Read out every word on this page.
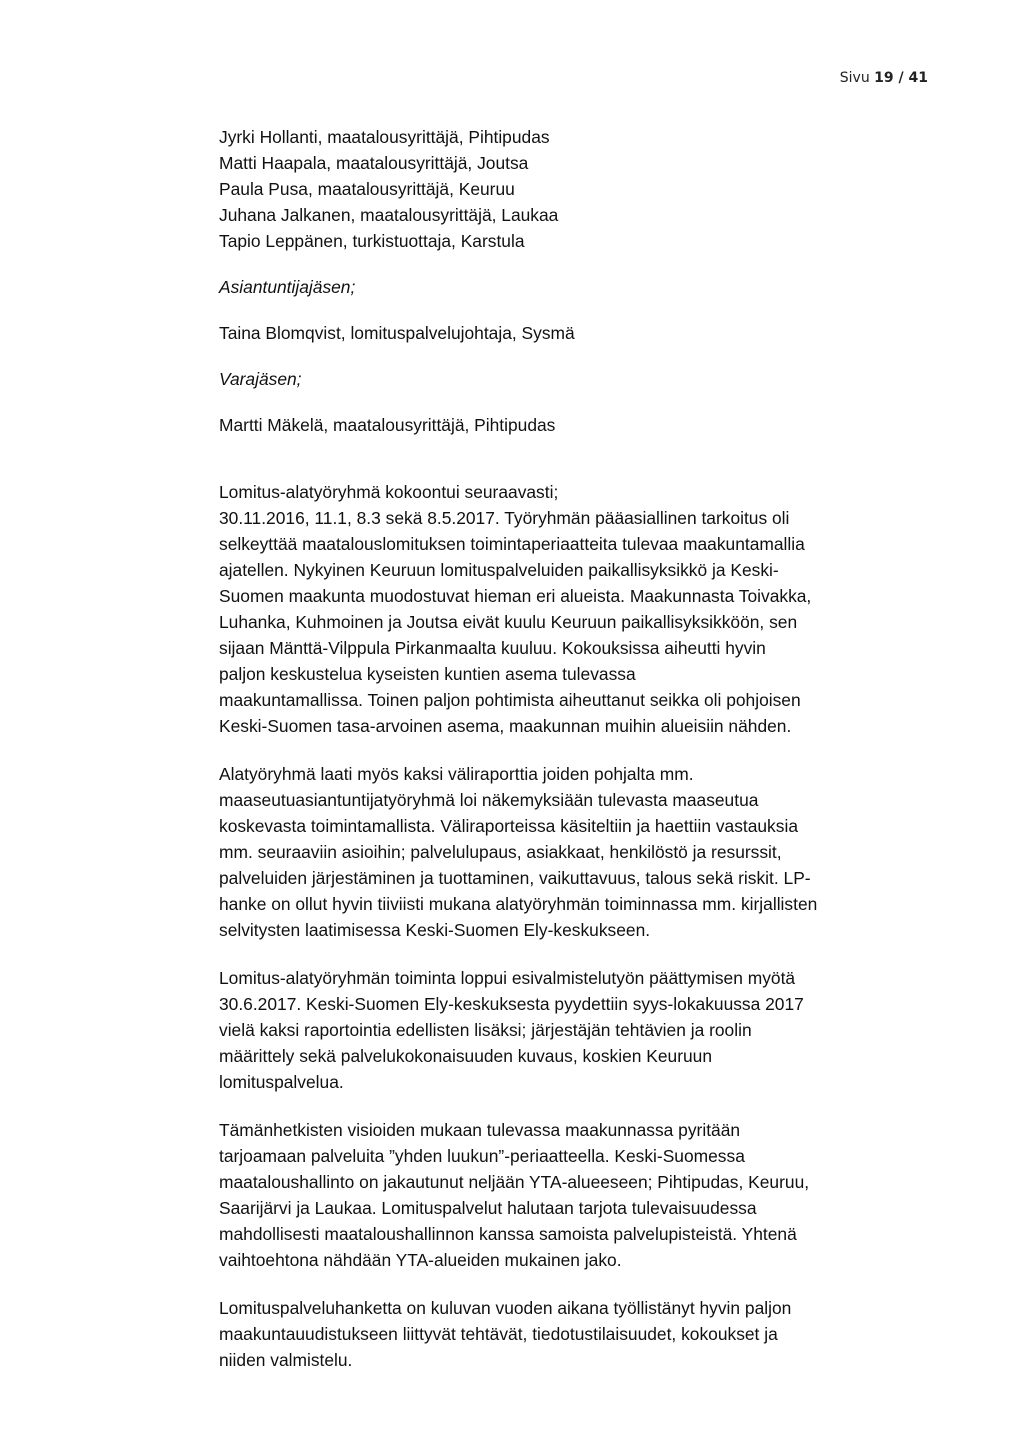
Sivu 19 / 41
Jyrki Hollanti, maatalousyrittäjä, Pihtipudas
Matti Haapala, maatalousyrittäjä, Joutsa
Paula Pusa, maatalousyrittäjä, Keuruu
Juhana Jalkanen, maatalousyrittäjä, Laukaa
Tapio Leppänen, turkistuottaja, Karstula
Asiantuntijajäsen;
Taina Blomqvist, lomituspalvelujohtaja, Sysmä
Varajäsen;
Martti Mäkelä, maatalousyrittäjä, Pihtipudas
Lomitus-alatyöryhmä kokoontui seuraavasti;
30.11.2016, 11.1, 8.3 sekä 8.5.2017. Työryhmän pääasiallinen tarkoitus oli
selkeyttää maatalouslomituksen toimintaperiaatteita tulevaa maakuntamallia
ajatellen. Nykyinen Keuruun lomituspalveluiden paikallisyksikkö ja Keski-
Suomen maakunta muodostuvat hieman eri alueista. Maakunnasta Toivakka,
Luhanka, Kuhmoinen ja Joutsa eivät kuulu Keuruun paikallisyksikköön, sen
sijaan Mänttä-Vilppula Pirkanmaalta kuuluu. Kokouksissa aiheutti hyvin
paljon keskustelua kyseisten kuntien asema tulevassa
maakuntamallissa. Toinen paljon pohtimista aiheuttanut seikka oli pohjoisen
Keski-Suomen tasa-arvoinen asema, maakunnan muihin alueisiin nähden.
Alatyöryhmä laati myös kaksi väliraporttia joiden pohjalta mm.
maaseutuasiantuntijatyöryhmä loi näkemyksiään tulevasta maaseutua
koskevasta toimintamallista. Väliraporteissa käsiteltiin ja haettiin vastauksia
mm. seuraaviin asioihin; palvelulupaus, asiakkaat, henkilöstö ja resurssit,
palveluiden järjestäminen ja tuottaminen, vaikuttavuus, talous sekä riskit. LP-
hanke on ollut hyvin tiiviisti mukana alatyöryhmän toiminnassa mm. kirjallisten
selvitysten laatimisessa Keski-Suomen Ely-keskukseen.
Lomitus-alatyöryhmän toiminta loppui esivalmistelutyön päättymisen myötä
30.6.2017. Keski-Suomen Ely-keskuksesta pyydettiin syys-lokakuussa 2017
vielä kaksi raportointia edellisten lisäksi; järjestäjän tehtävien ja roolin
määrittely sekä palvelukokonaisuuden kuvaus, koskien Keuruun
lomituspalvelua.
Tämänhetkisten visioiden mukaan tulevassa maakunnassa pyritään
tarjoamaan palveluita ”yhden luukun”-periaatteella. Keski-Suomessa
maataloushallinto on jakautunut neljään YTA-alueeseen; Pihtipudas, Keuruu,
Saarijärvi ja Laukaa. Lomituspalvelut halutaan tarjota tulevaisuudessa
mahdollisesti maataloushallinnon kanssa samoista palvelupisteistä. Yhtenä
vaihtoehtona nähdään YTA-alueiden mukainen jako.
Lomituspalveluhanketta on kuluvan vuoden aikana työllistänyt hyvin paljon
maakuntauudistukseen liittyvät tehtävät, tiedotustilaisuudet, kokoukset ja
niiden valmistelu.
